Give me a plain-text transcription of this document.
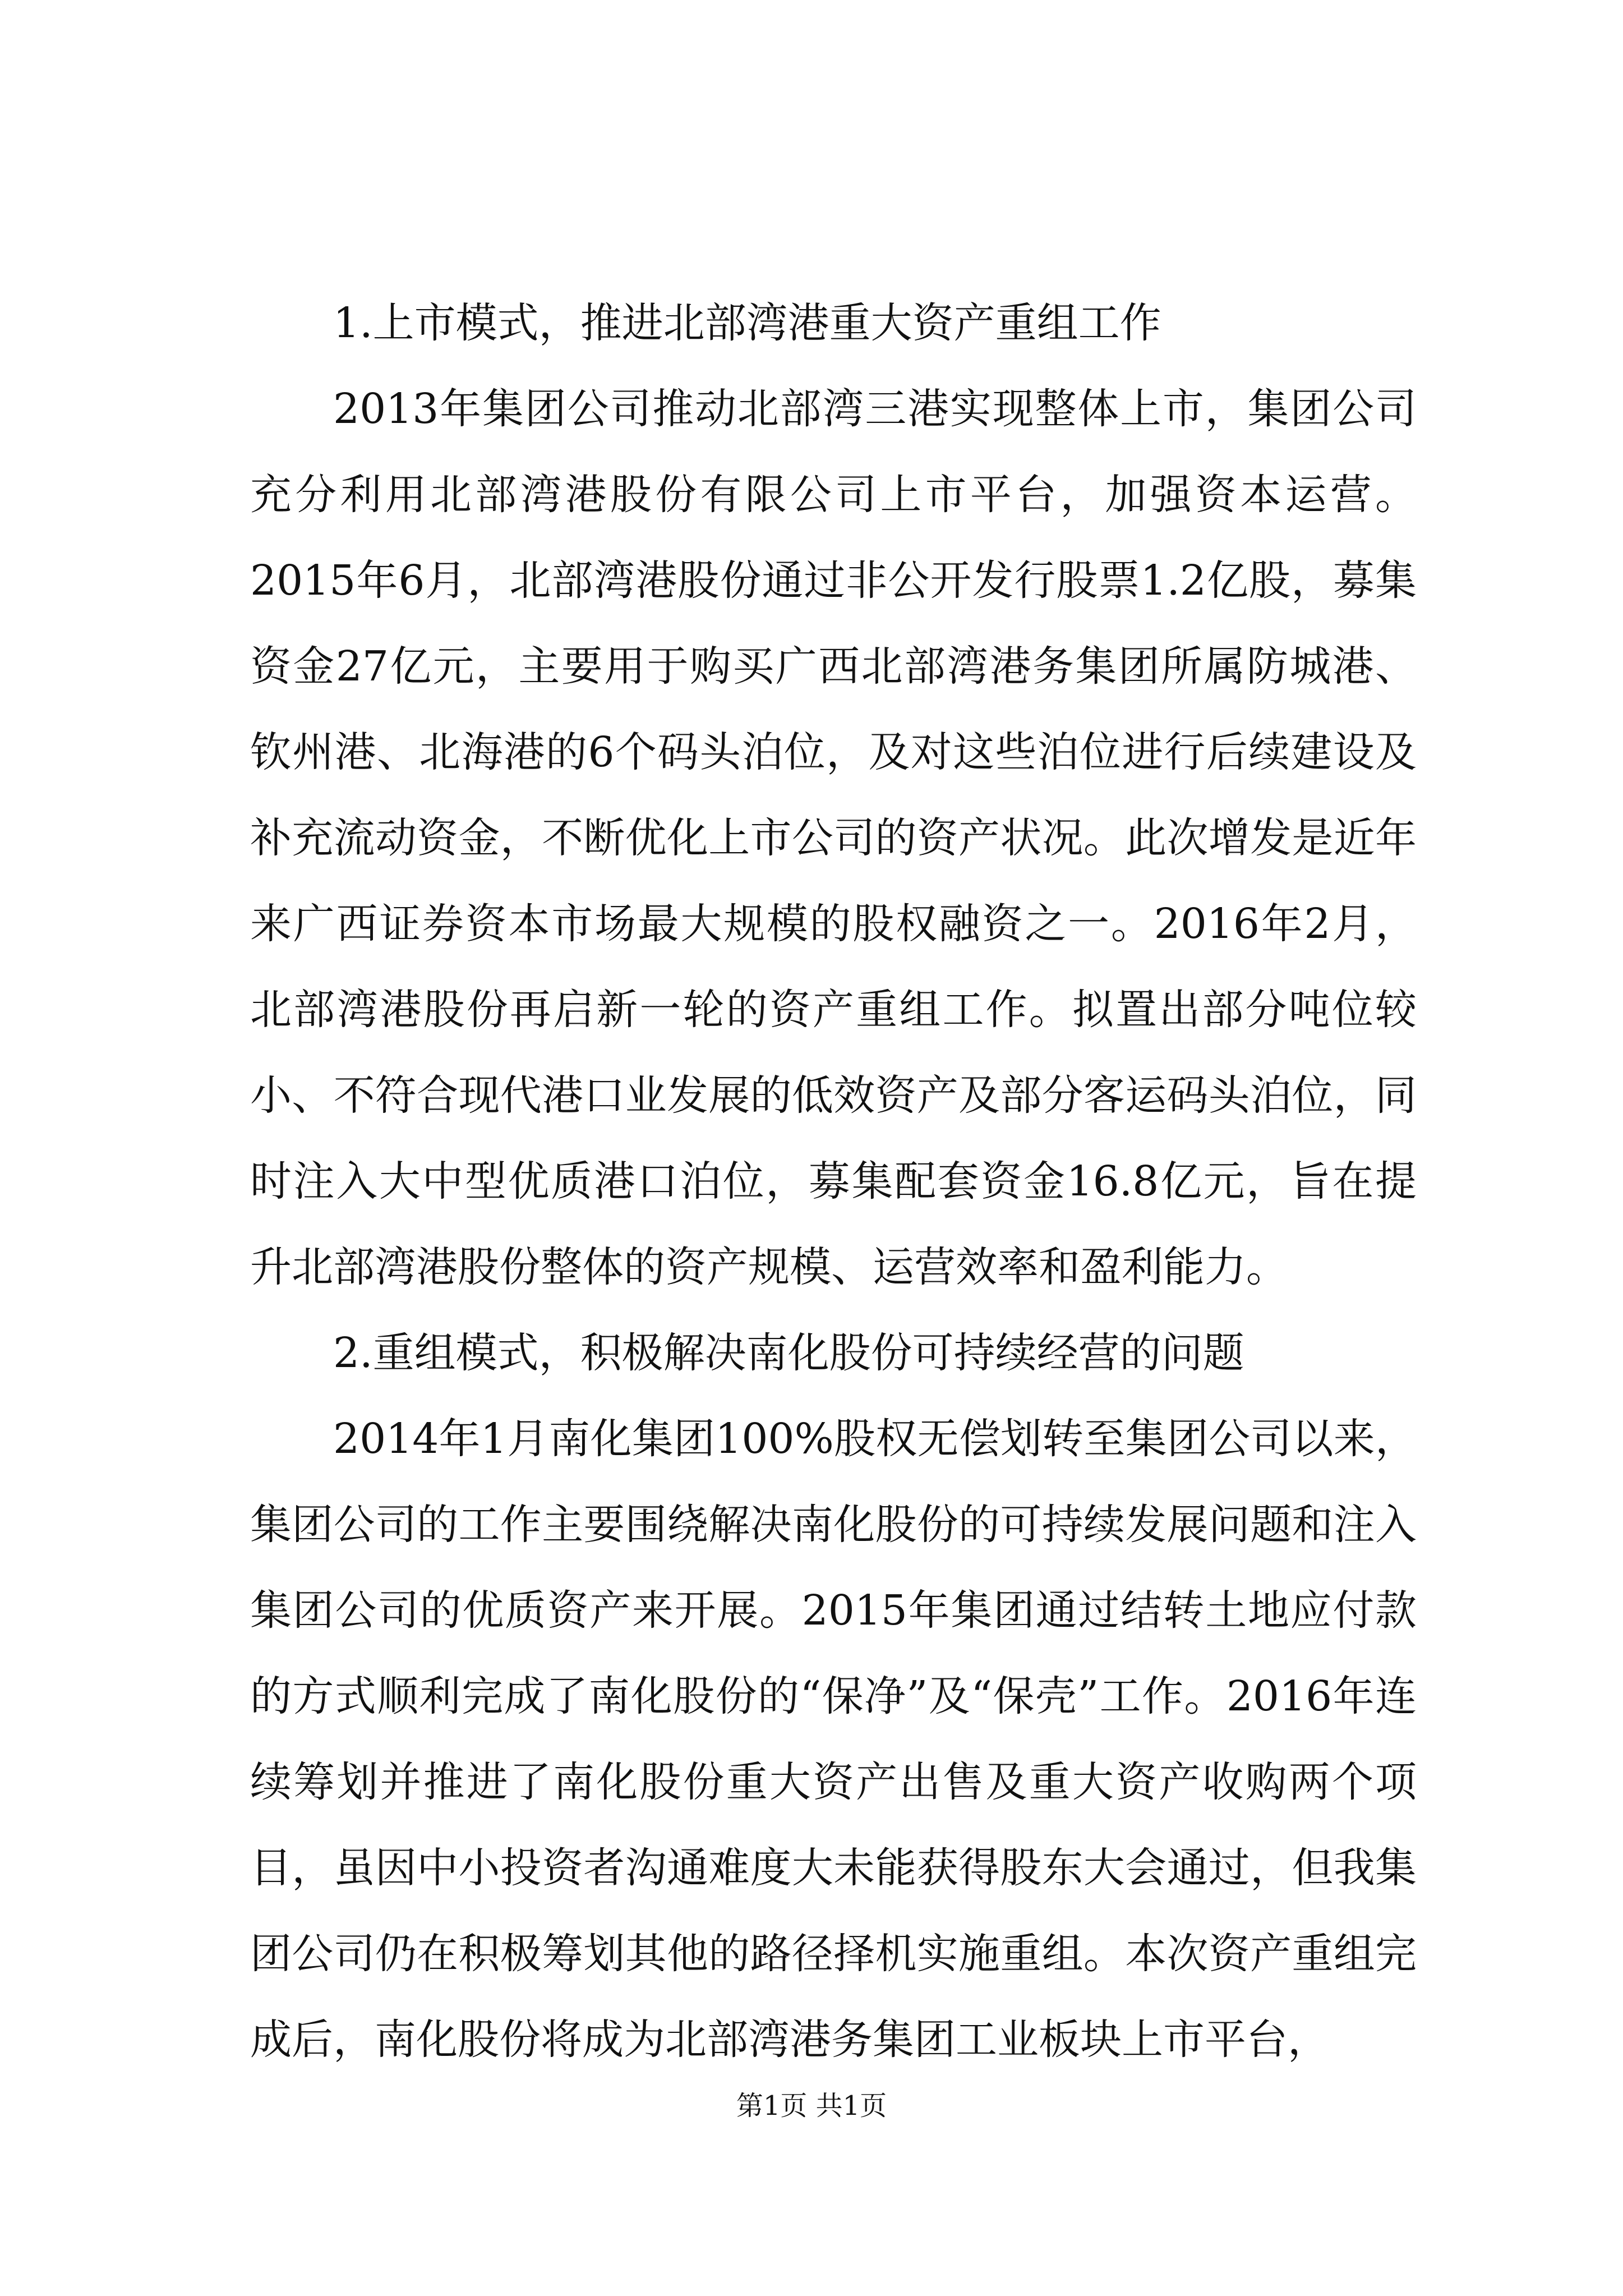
1.上市模式，推进北部湾港重大资产重组工作

2013年集团公司推动北部湾三港实现整体上市，集团公司充分利用北部湾港股份有限公司上市平台，加强资本运营。2015年6月，北部湾港股份通过非公开发行股票1.2亿股，募集资金27亿元，主要用于购买广西北部湾港务集团所属防城港、钦州港、北海港的6个码头泊位，及对这些泊位进行后续建设及补充流动资金，不断优化上市公司的资产状况。此次增发是近年来广西证券资本市场最大规模的股权融资之一。2016年2月，北部湾港股份再启新一轮的资产重组工作。拟置出部分吨位较小、不符合现代港口业发展的低效资产及部分客运码头泊位，同时注入大中型优质港口泊位，募集配套资金16.8亿元，旨在提升北部湾港股份整体的资产规模、运营效率和盈利能力。

2.重组模式，积极解决南化股份可持续经营的问题

2014年1月南化集团100%股权无偿划转至集团公司以来，集团公司的工作主要围绕解决南化股份的可持续发展问题和注入集团公司的优质资产来开展。2015年集团通过结转土地应付款的方式顺利完成了南化股份的“保净”及“保壳”工作。2016年连续筹划并推进了南化股份重大资产出售及重大资产收购两个项目，虽因中小投资者沟通难度大未能获得股东大会通过，但我集团公司仍在积极筹划其他的路径择机实施重组。本次资产重组完成后，南化股份将成为北部湾港务集团工业板块上市平台，

第1页 共1页
